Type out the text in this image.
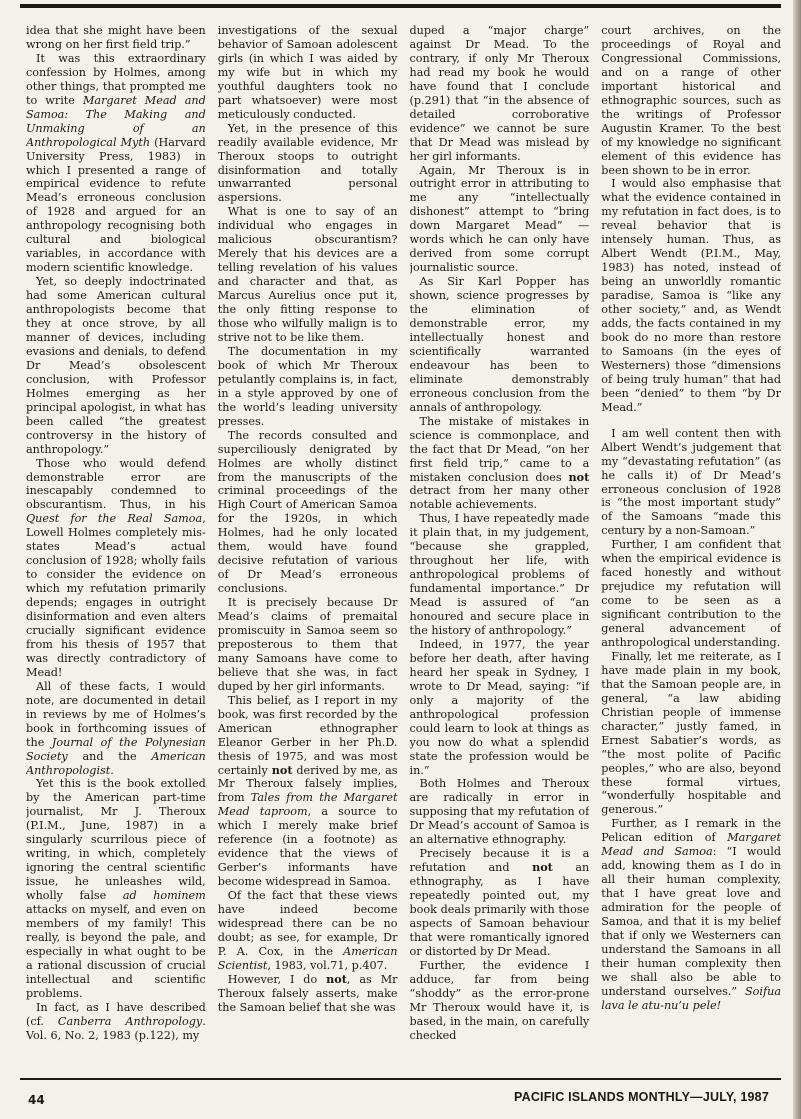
idea that she might have been wrong on her first field trip.”

It was this extraordinary confession by Holmes, among other things, that prompted me to write Margaret Mead and Samoa: The Making and Unmaking of an Anthropological Myth (Harvard University Press, 1983) in which I presented a range of empirical evidence to refute Mead’s erroneous conclusion of 1928 and argued for an anthropology recognising both cultural and biological variables, in accordance with modern scientific knowledge.

Yet, so deeply indoctrinated had some American cultural anthropologists become that they at once strove, by all manner of devices, including evasions and denials, to defend Dr Mead’s obsolescent conclusion, with Professor Holmes emerging as her principal apologist, in what has been called “the greatest controversy in the history of anthropology.”

Those who would defend demonstrable error are inescapably condemned to obscurantism. Thus, in his Quest for the Real Samoa, Lowell Holmes completely mis-states Mead’s actual conclusion of 1928; wholly fails to consider the evidence on which my refutation primarily depends; engages in outright disinformation and even alters crucially significant evidence from his thesis of 1957 that was directly contradictory of Mead!

All of these facts, I would note, are documented in detail in reviews by me of Holmes’s book in forthcoming issues of the Journal of the Polynesian Society and the American Anthropologist.

Yet this is the book extolled by the American part-time journalist, Mr J. Theroux (P.I.M., June, 1987) in a singularly scurrilous piece of writing, in which, completely ignoring the central scientific issue, he unleashes wild, wholly false ad hominem attacks on myself, and even on members of my family! This really, is beyond the pale, and especially in what ought to be a rational discussion of crucial intellectual and scientific problems.

In fact, as I have described (cf. Canberra Anthropology. Vol. 6, No. 2, 1983 (p.122), my

investigations of the sexual behavior of Samoan adolescent girls (in which I was aided by my wife but in which my youthful daughters took no part whatsoever) were most meticulously conducted.

Yet, in the presence of this readily available evidence, Mr Theroux stoops to outright disinformation and totally unwarranted personal aspersions.

What is one to say of an individual who engages in malicious obscurantism? Merely that his devices are a telling revelation of his values and character and that, as Marcus Aurelius once put it, the only fitting response to those who wilfully malign is to strive not to be like them.

The documentation in my book of which Mr Theroux petulantly complains is, in fact, in a style approved by one of the world’s leading university presses.

The records consulted and superciliously denigrated by Holmes are wholly distinct from the manuscripts of the criminal proceedings of the High Court of American Samoa for the 1920s, in which Holmes, had he only located them, would have found decisive refutation of various of Dr Mead’s erroneous conclusions.

It is precisely because Dr Mead’s claims of premaital promiscuity in Samoa seem so preposterous to them that many Samoans have come to believe that she was, in fact duped by her girl informants.

This belief, as I report in my book, was first recorded by the American ethnographer Eleanor Gerber in her Ph.D. thesis of 1975, and was most certainly not derived by me, as Mr Theroux falsely implies, from Tales from the Margaret Mead taproom, a source to which I merely make brief reference (in a footnote) as evidence that the views of Gerber’s informants have become widespread in Samoa.

Of the fact that these views have indeed become widespread there can be no doubt; as see, for example, Dr P. A. Cox, in the American Scientist, 1983, vol.71, p.407.

However, I do not, as Mr Theroux falsely asserts, make the Samoan belief that she was

duped a “major charge” against Dr Mead. To the contrary, if only Mr Theroux had read my book he would have found that I conclude (p.291) that “in the absence of detailed corroborative evidence” we cannot be sure that Dr Mead was mislead by her girl informants.

Again, Mr Theroux is in outright error in attributing to me any “intellectually dishonest” attempt to “bring down Margaret Mead” — words which he can only have derived from some corrupt journalistic source.

As Sir Karl Popper has shown, science progresses by the elimination of demonstrable error, my intellectually honest and scientifically warranted endeavour has been to eliminate demonstrably erroneous conclusion from the annals of anthropology.

The mistake of mistakes in science is commonplace, and the fact that Dr Mead, “on her first field trip,” came to a mistaken conclusion does not detract from her many other notable achievements.

Thus, I have repeatedly made it plain that, in my judgement, “because she grappled, throughout her life, with anthropological problems of fundamental importance.” Dr Mead is assured of “an honoured and secure place in the history of anthropology.”

Indeed, in 1977, the year before her death, after having heard her speak in Sydney, I wrote to Dr Mead, saying: “if only a majority of the anthropological profession could learn to look at things as you now do what a splendid state the profession would be in.”

Both Holmes and Theroux are radically in error in supposing that my refutation of Dr Mead’s account of Samoa is an alternative ethnography.

Precisely because it is a refutation and not an ethnography, as I have repeatedly pointed out, my book deals primarily with those aspects of Samoan behaviour that were romantically ignored or distorted by Dr Mead.

Further, the evidence I adduce, far from being “shoddy” as the error-prone Mr Theroux would have it, is based, in the main, on carefully checked

court archives, on the proceedings of Royal and Congressional Commissions, and on a range of other important historical and ethnographic sources, such as the writings of Professor Augustin Kramer. To the best of my knowledge no significant element of this evidence has been shown to be in error.

I would also emphasise that what the evidence contained in my refutation in fact does, is to reveal behavior that is intensely human. Thus, as Albert Wendt (P.I.M., May, 1983) has noted, instead of being an unworldly romantic paradise, Samoa is “like any other society,” and, as Wendt adds, the facts contained in my book do no more than restore to Samoans (in the eyes of Westerners) those “dimensions of being truly human” that had been “denied” to them “by Dr Mead.”

I am well content then with Albert Wendt’s judgement that my “devastating refutation” (as he calls it) of Dr Mead’s erroneous conclusion of 1928 is “the most important study” of the Samoans “made this century by a non-Samoan.”

Further, I am confident that when the empirical evidence is faced honestly and without prejudice my refutation will come to be seen as a significant contribution to the general advancement of anthropological understanding.

Finally, let me reiterate, as I have made plain in my book, that the Samoan people are, in general, “a law abiding Christian people of immense character,” justly famed, in Ernest Sabatier’s words, as “the most polite of Pacific peoples,” who are also, beyond these formal virtues, “wonderfully hospitable and generous.”

Further, as I remark in the Pelican edition of Margaret Mead and Samoa: “I would add, knowing them as I do in all their human complexity, that I have great love and admiration for the people of Samoa, and that it is my belief that if only we Westerners can understand the Samoans in all their human complexity then we shall also be able to understand ourselves.” Soifua lava le atu-nu’u pele!

44	PACIFIC ISLANDS MONTHLY—JULY, 1987
